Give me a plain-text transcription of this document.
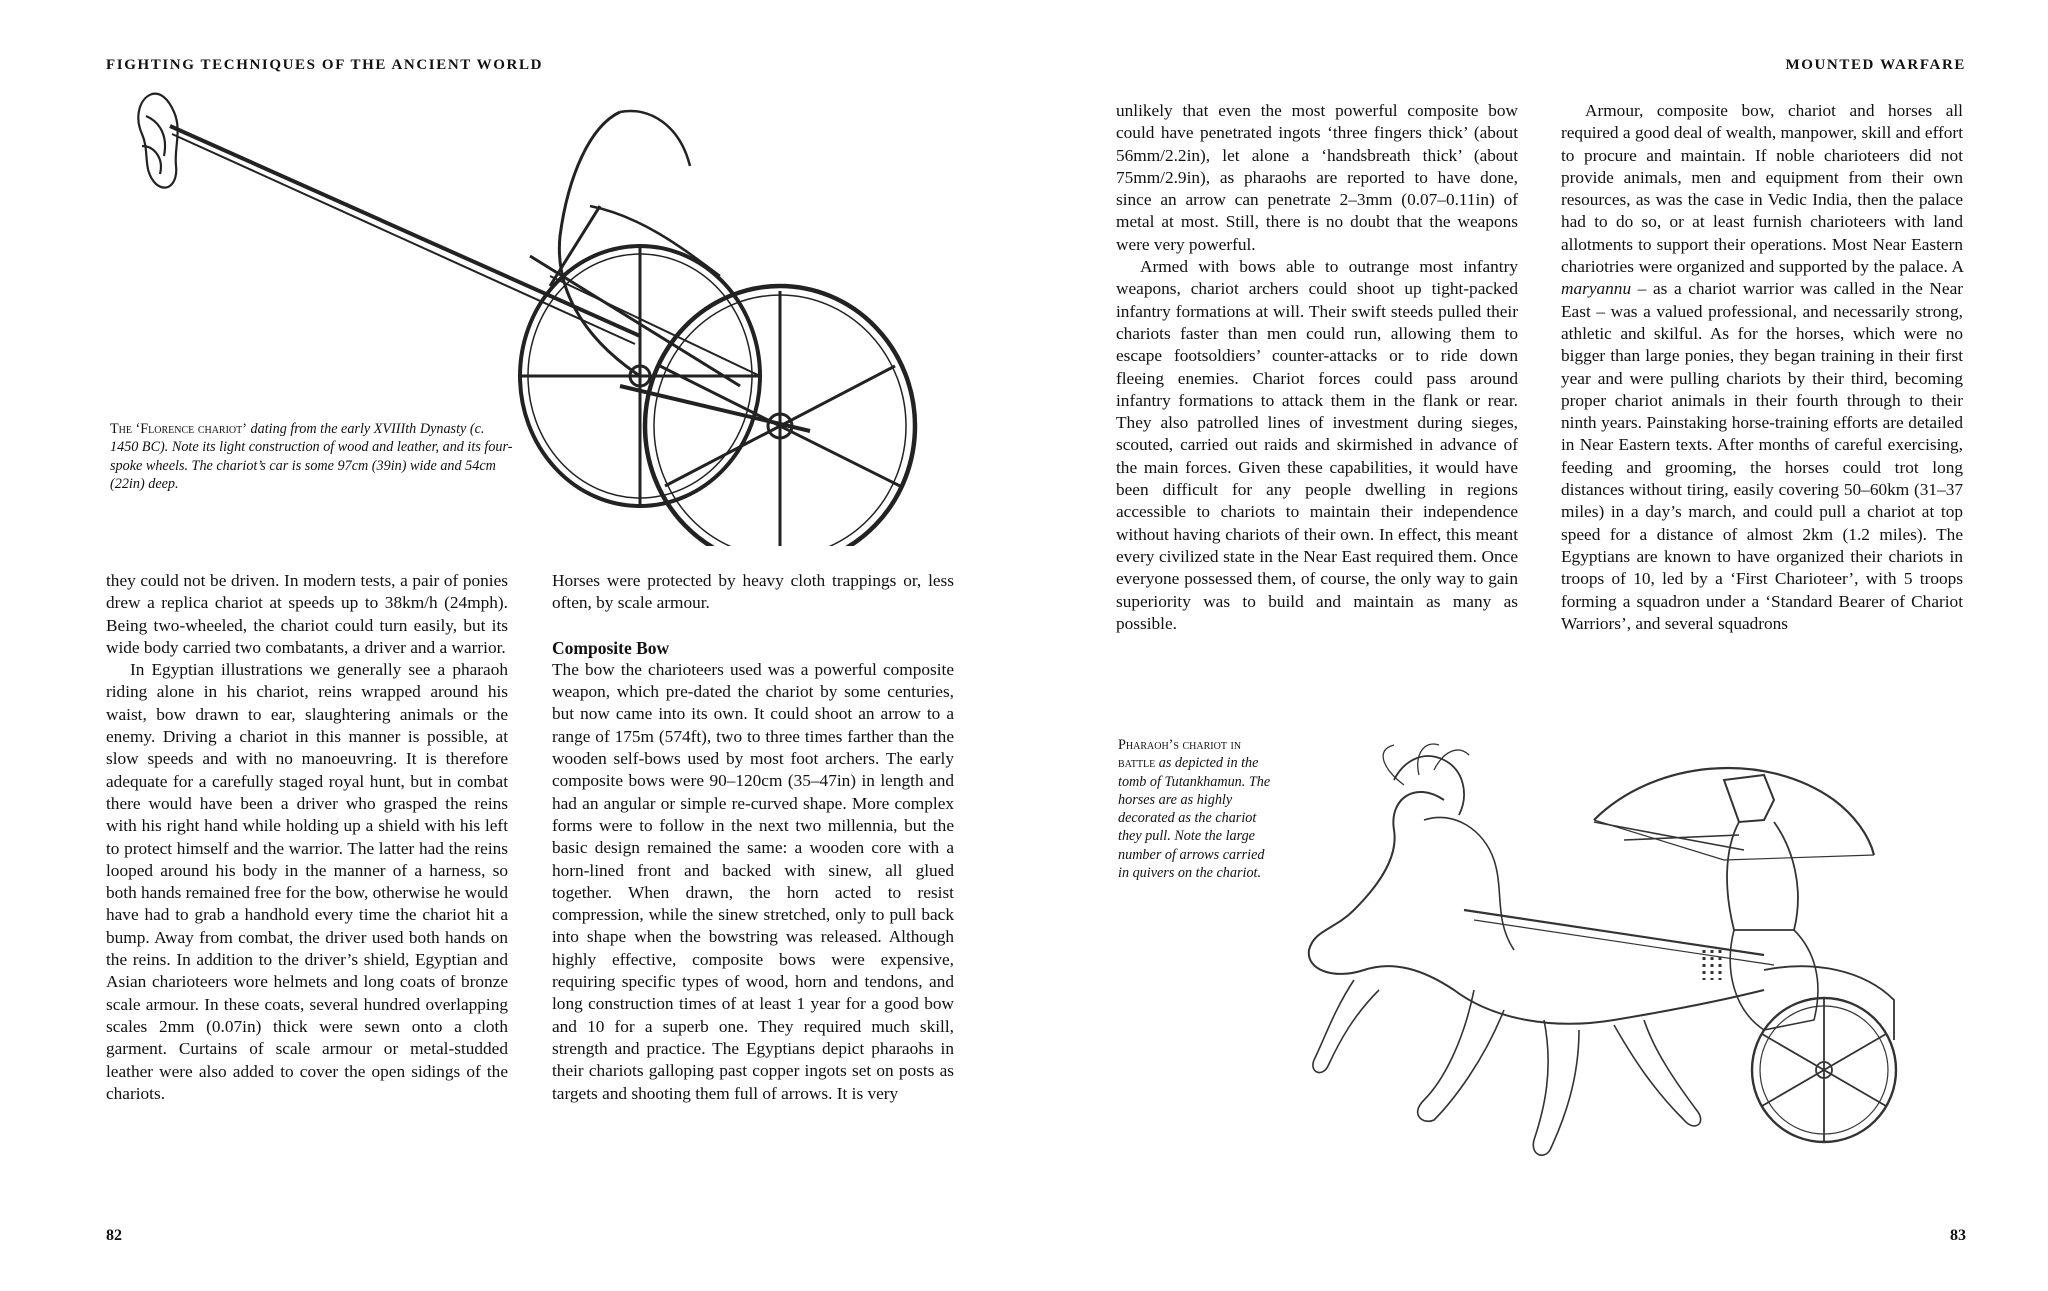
FIGHTING TECHNIQUES OF THE ANCIENT WORLD
The ‘Florence chariot’ dating from the early XVIIIth Dynasty (c. 1450 BC). Note its light construction of wood and leather, and its four-spoke wheels. The chariot’s car is some 97cm (39in) wide and 54cm (22in) deep.

they could not be driven. In modern tests, a pair of ponies drew a replica chariot at speeds up to 38km/h (24mph). Being two-wheeled, the chariot could turn easily, but its wide body carried two combatants, a driver and a warrior.

In Egyptian illustrations we generally see a pharaoh riding alone in his chariot, reins wrapped around his waist, bow drawn to ear, slaughtering animals or the enemy. Driving a chariot in this manner is possible, at slow speeds and with no manoeuvring. It is therefore adequate for a carefully staged royal hunt, but in combat there would have been a driver who grasped the reins with his right hand while holding up a shield with his left to protect himself and the warrior. The latter had the reins looped around his body in the manner of a harness, so both hands remained free for the bow, otherwise he would have had to grab a handhold every time the chariot hit a bump. Away from combat, the driver used both hands on the reins. In addition to the driver’s shield, Egyptian and Asian charioteers wore helmets and long coats of bronze scale armour. In these coats, several hundred overlapping scales 2mm (0.07in) thick were sewn onto a cloth garment. Curtains of scale armour or metal-studded leather were also added to cover the open sidings of the chariots.

Horses were protected by heavy cloth trappings or, less often, by scale armour.

Composite Bow

The bow the charioteers used was a powerful composite weapon, which pre-dated the chariot by some centuries, but now came into its own. It could shoot an arrow to a range of 175m (574ft), two to three times farther than the wooden self-bows used by most foot archers. The early composite bows were 90–120cm (35–47in) in length and had an angular or simple re-curved shape. More complex forms were to follow in the next two millennia, but the basic design remained the same: a wooden core with a horn-lined front and backed with sinew, all glued together. When drawn, the horn acted to resist compression, while the sinew stretched, only to pull back into shape when the bowstring was released. Although highly effective, composite bows were expensive, requiring specific types of wood, horn and tendons, and long construction times of at least 1 year for a good bow and 10 for a superb one. They required much skill, strength and practice. The Egyptians depict pharaohs in their chariots galloping past copper ingots set on posts as targets and shooting them full of arrows. It is very

82
MOUNTED WARFARE

unlikely that even the most powerful composite bow could have penetrated ingots ‘three fingers thick’ (about 56mm/2.2in), let alone a ‘handsbreath thick’ (about 75mm/2.9in), as pharaohs are reported to have done, since an arrow can penetrate 2–3mm (0.07–0.11in) of metal at most. Still, there is no doubt that the weapons were very powerful.

Armed with bows able to outrange most infantry weapons, chariot archers could shoot up tight-packed infantry formations at will. Their swift steeds pulled their chariots faster than men could run, allowing them to escape footsoldiers’ counter-attacks or to ride down fleeing enemies. Chariot forces could pass around infantry formations to attack them in the flank or rear. They also patrolled lines of investment during sieges, scouted, carried out raids and skirmished in advance of the main forces. Given these capabilities, it would have been difficult for any people dwelling in regions accessible to chariots to maintain their independence without having chariots of their own. In effect, this meant every civilized state in the Near East required them. Once everyone possessed them, of course, the only way to gain superiority was to build and maintain as many as possible.

Armour, composite bow, chariot and horses all required a good deal of wealth, manpower, skill and effort to procure and maintain. If noble charioteers did not provide animals, men and equipment from their own resources, as was the case in Vedic India, then the palace had to do so, or at least furnish charioteers with land allotments to support their operations. Most Near Eastern chariotries were organized and supported by the palace. A maryannu – as a chariot warrior was called in the Near East – was a valued professional, and necessarily strong, athletic and skilful. As for the horses, which were no bigger than large ponies, they began training in their first year and were pulling chariots by their third, becoming proper chariot animals in their fourth through to their ninth years. Painstaking horse-training efforts are detailed in Near Eastern texts. After months of careful exercising, feeding and grooming, the horses could trot long distances without tiring, easily covering 50–60km (31–37 miles) in a day’s march, and could pull a chariot at top speed for a distance of almost 2km (1.2 miles). The Egyptians are known to have organized their chariots in troops of 10, led by a ‘First Charioteer’, with 5 troops forming a squadron under a ‘Standard Bearer of Chariot Warriors’, and several squadrons

Pharaoh’s chariot in battle as depicted in the tomb of Tutankhamun. The horses are as highly decorated as the chariot they pull. Note the large number of arrows carried in quivers on the chariot.
83
